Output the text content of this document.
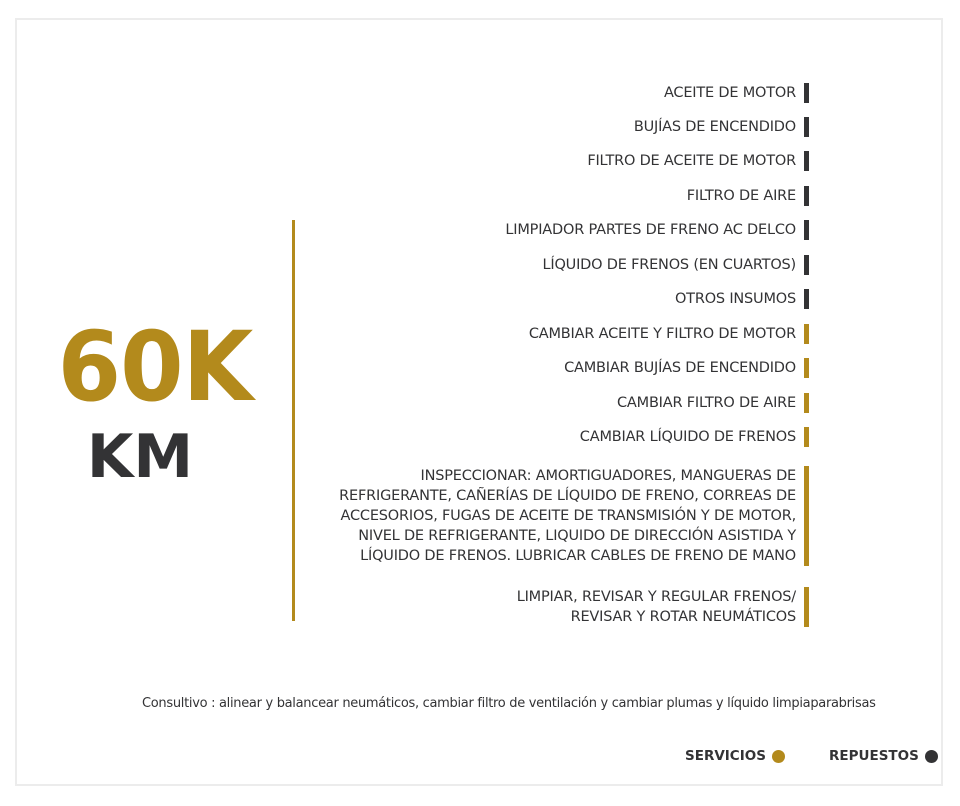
60K
KM
ACEITE DE MOTOR
BUJÍAS DE ENCENDIDO
FILTRO DE ACEITE DE MOTOR
FILTRO DE AIRE
LIMPIADOR PARTES DE FRENO AC DELCO
LÍQUIDO DE FRENOS (EN CUARTOS)
OTROS INSUMOS
CAMBIAR ACEITE Y FILTRO DE MOTOR
CAMBIAR BUJÍAS DE ENCENDIDO
CAMBIAR FILTRO DE AIRE
CAMBIAR LÍQUIDO DE FRENOS
INSPECCIONAR: AMORTIGUADORES, MANGUERAS DE
REFRIGERANTE, CAÑERÍAS DE LÍQUIDO DE FRENO, CORREAS DE
ACCESORIOS, FUGAS DE ACEITE DE TRANSMISIÓN Y DE MOTOR,
NIVEL DE REFRIGERANTE, LIQUIDO DE DIRECCIÓN ASISTIDA Y
LÍQUIDO DE FRENOS. LUBRICAR CABLES DE FRENO DE MANO
LIMPIAR, REVISAR Y REGULAR FRENOS/
REVISAR Y ROTAR NEUMÁTICOS
Consultivo : alinear y balancear neumáticos, cambiar filtro de ventilación y cambiar plumas y líquido limpiaparabrisas
SERVICIOS	REPUESTOS
